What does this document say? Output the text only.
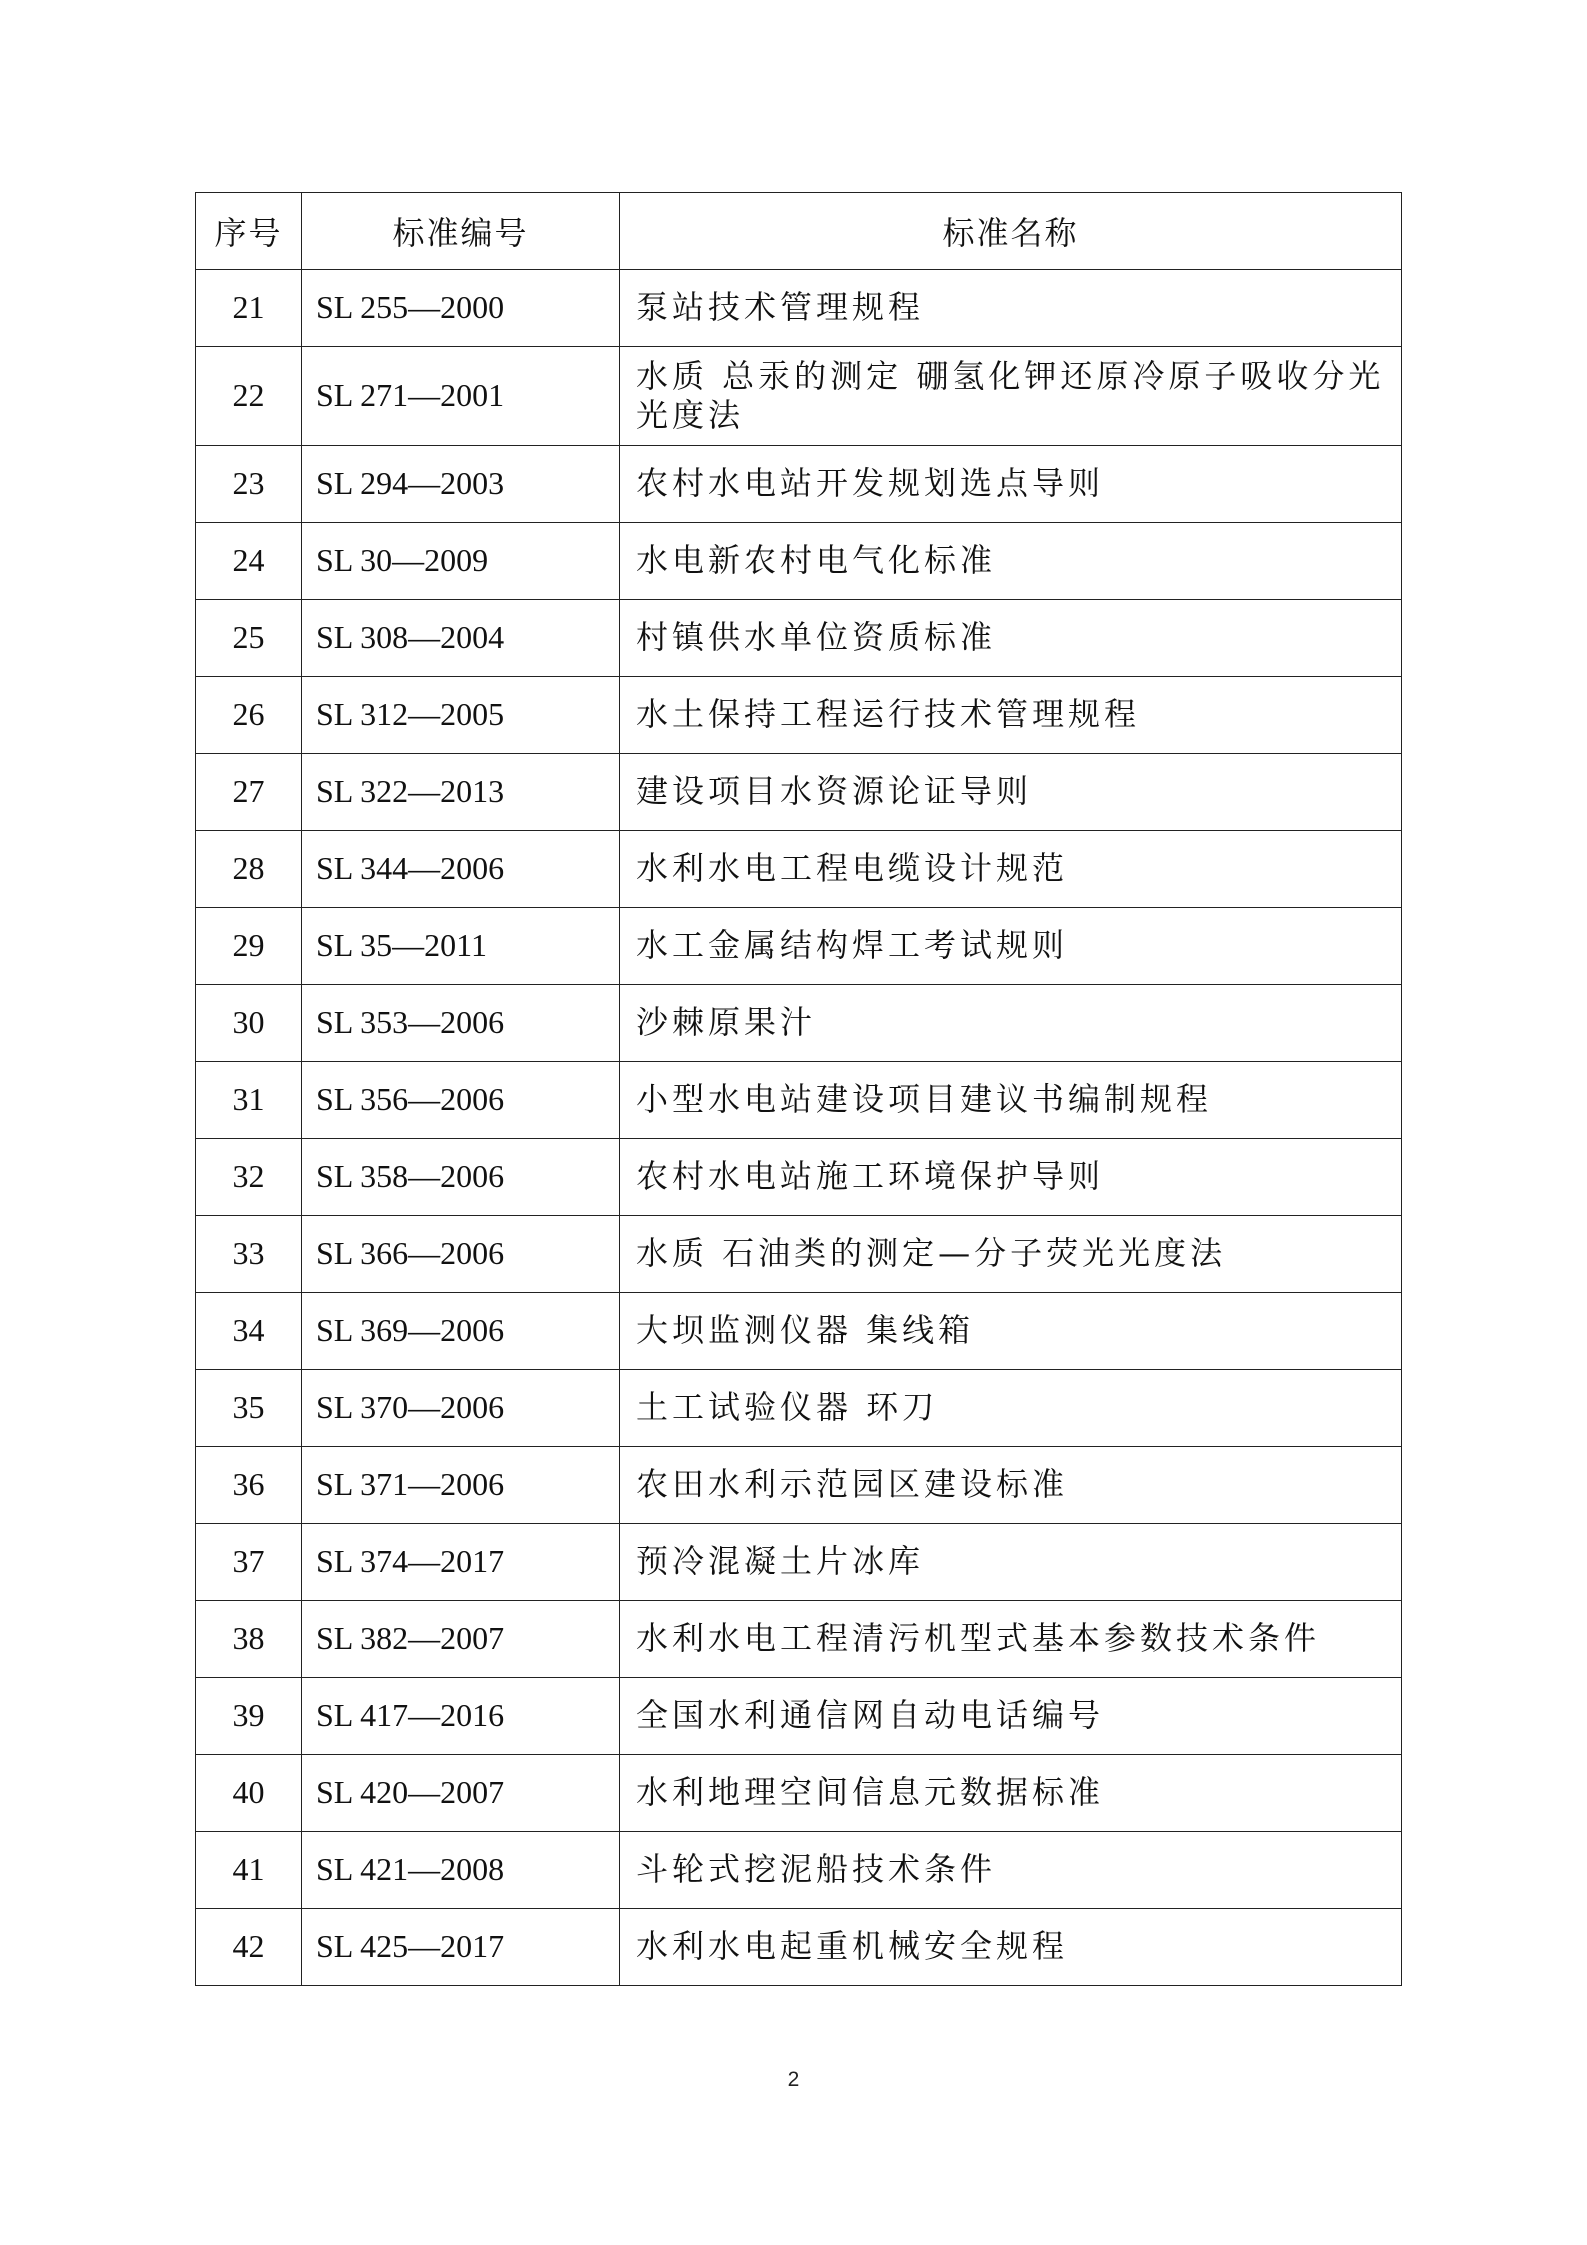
序号	标准编号	标准名称
21	SL 255—2000	泵站技术管理规程
22	SL 271—2001	水质 总汞的测定 硼氢化钾还原冷原子吸收分光光度法
23	SL 294—2003	农村水电站开发规划选点导则
24	SL 30—2009	水电新农村电气化标准
25	SL 308—2004	村镇供水单位资质标准
26	SL 312—2005	水土保持工程运行技术管理规程
27	SL 322—2013	建设项目水资源论证导则
28	SL 344—2006	水利水电工程电缆设计规范
29	SL 35—2011	水工金属结构焊工考试规则
30	SL 353—2006	沙棘原果汁
31	SL 356—2006	小型水电站建设项目建议书编制规程
32	SL 358—2006	农村水电站施工环境保护导则
33	SL 366—2006	水质 石油类的测定—分子荧光光度法
34	SL 369—2006	大坝监测仪器 集线箱
35	SL 370—2006	土工试验仪器 环刀
36	SL 371—2006	农田水利示范园区建设标准
37	SL 374—2017	预冷混凝土片冰库
38	SL 382—2007	水利水电工程清污机型式基本参数技术条件
39	SL 417—2016	全国水利通信网自动电话编号
40	SL 420—2007	水利地理空间信息元数据标准
41	SL 421—2008	斗轮式挖泥船技术条件
42	SL 425—2017	水利水电起重机械安全规程
2
